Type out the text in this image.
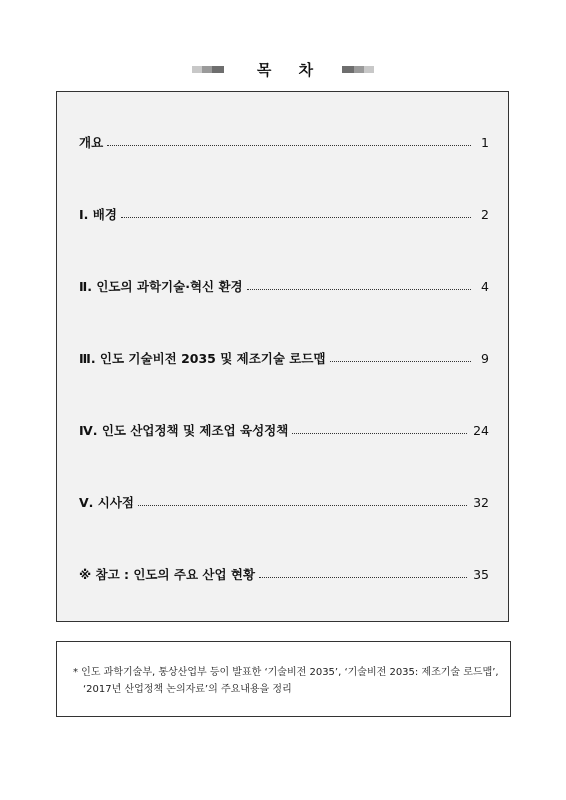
목 차
개요	1
Ⅰ. 배경	2
Ⅱ. 인도의 과학기술·혁신 환경	4
Ⅲ. 인도 기술비전 2035 및 제조기술 로드맵	9
Ⅳ. 인도 산업정책 및 제조업 육성정책	24
Ⅴ. 시사점	32
※ 참고 : 인도의 주요 산업 현황	35
* 인도 과학기술부, 통상산업부 등이 발표한 ‘기술비전 2035’, ‘기술비전 2035: 제조기술 로드맵’, ‘2017년 산업정책 논의자료’의 주요내용을 정리
